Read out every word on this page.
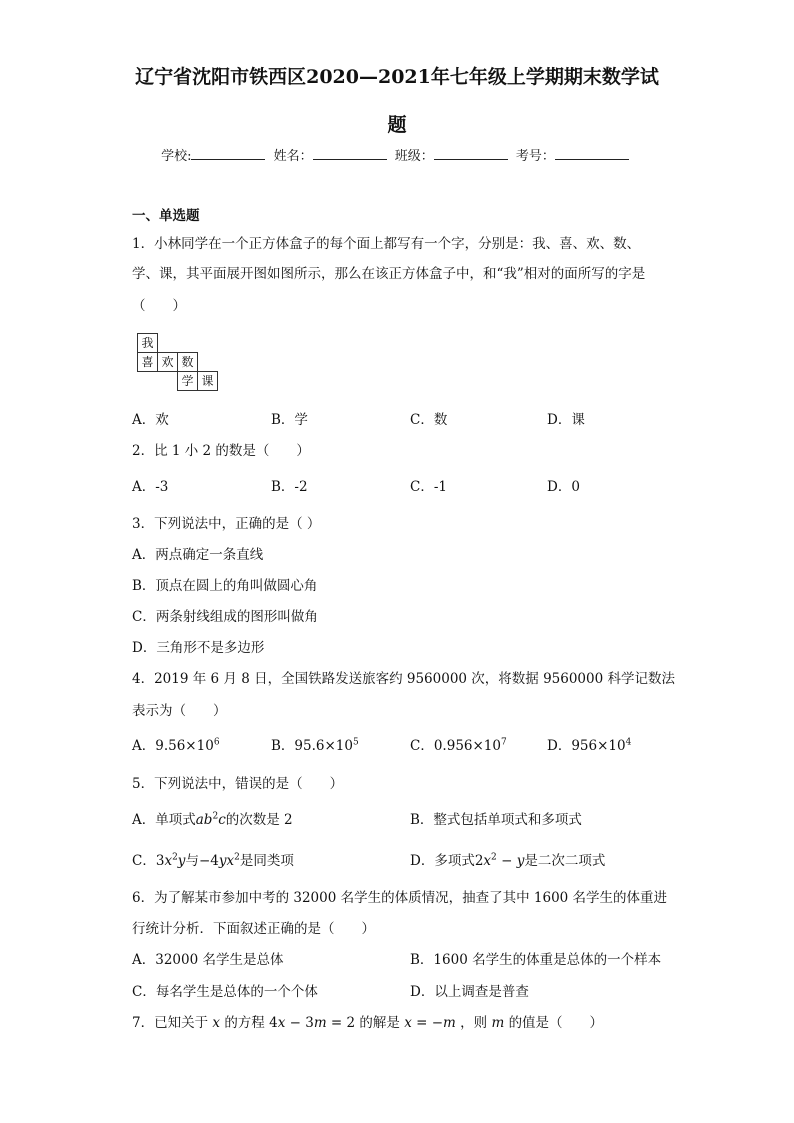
辽宁省沈阳市铁西区2020—2021年七年级上学期期末数学试
题
学校:	姓名：	班级：	考号：
一、单选题
1．小林同学在一个正方体盒子的每个面上都写有一个字，分别是：我、喜、欢、数、
学、课，其平面展开图如图所示，那么在该正方体盒子中，和“我”相对的面所写的字是
（　　）
我
喜 欢 数
学 课
A．欢	B．学	C．数	D．课
2．比 1 小 2 的数是（　　）
A．-3	B．-2	C．-1	D．0
3．下列说法中，正确的是（ ）
A．两点确定一条直线
B．顶点在圆上的角叫做圆心角
C．两条射线组成的图形叫做角
D．三角形不是多边形
4．2019 年 6 月 8 日，全国铁路发送旅客约 9560000 次，将数据 9560000 科学记数法
表示为（　　）
A．$9.56\times 10^6$	B．$95.6\times 10^5$	C．$0.956\times 10^7$	D．$956\times 10^4$
5．下列说法中，错误的是（　　）
A．单项式$ab^2c$的次数是 2	B．整式包括单项式和多项式
C．$3x^2y$与$-4yx^2$是同类项	D．多项式$2x^2 - y$是二次二项式
6．为了解某市参加中考的 32000 名学生的体质情况，抽查了其中 1600 名学生的体重进
行统计分析．下面叙述正确的是（　　）
A．32000 名学生是总体	B．1600 名学生的体重是总体的一个样本
C．每名学生是总体的一个个体	D．以上调查是普查
7．已知关于 x 的方程 4x − 3m = 2 的解是 x = −m ，则 m 的值是（　　）
